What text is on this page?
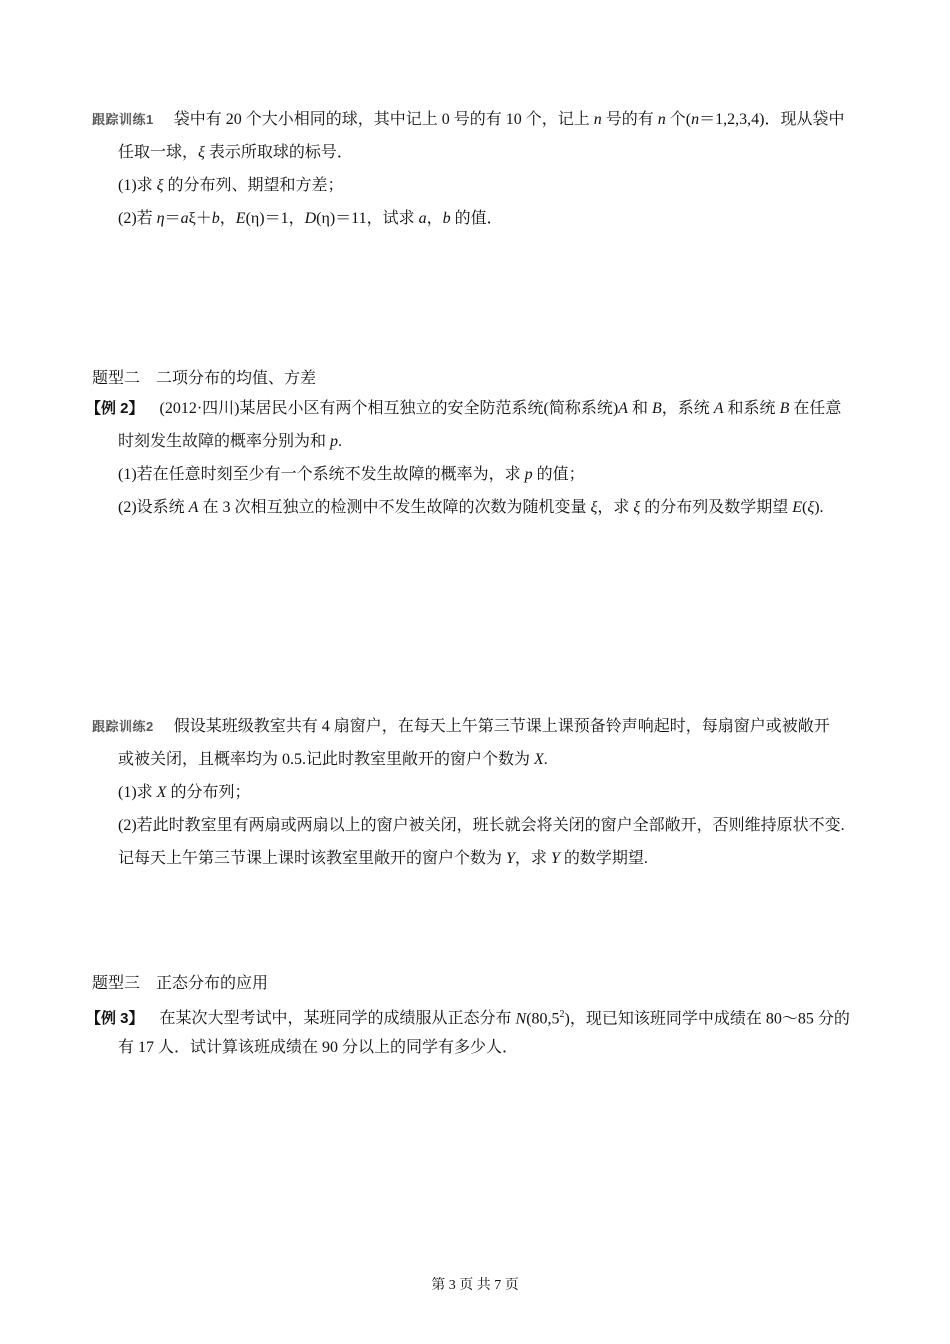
跟踪训练1 袋中有 20 个大小相同的球，其中记上 0 号的有 10 个，记上 n 号的有 n 个(n＝1,2,3,4)．现从袋中
任取一球，ξ 表示所取球的标号．
(1)求 ξ 的分布列、期望和方差；
(2)若 η＝aξ＋b，E(η)＝1，D(η)＝11，试求 a，b 的值．
题型二　二项分布的均值、方差
【例 2】 (2012·四川)某居民小区有两个相互独立的安全防范系统(简称系统)A 和 B，系统 A 和系统 B 在任意
时刻发生故障的概率分别为和 p.
(1)若在任意时刻至少有一个系统不发生故障的概率为，求 p 的值；
(2)设系统 A 在 3 次相互独立的检测中不发生故障的次数为随机变量 ξ，求 ξ 的分布列及数学期望 E(ξ).
跟踪训练2 假设某班级教室共有 4 扇窗户，在每天上午第三节课上课预备铃声响起时，每扇窗户或被敞开
或被关闭，且概率均为 0.5.记此时教室里敞开的窗户个数为 X.
(1)求 X 的分布列；
(2)若此时教室里有两扇或两扇以上的窗户被关闭，班长就会将关闭的窗户全部敞开，否则维持原状不变.
记每天上午第三节课上课时该教室里敞开的窗户个数为 Y，求 Y 的数学期望.
题型三　正态分布的应用
【例 3】 在某次大型考试中，某班同学的成绩服从正态分布 N(80,5$^2$)，现已知该班同学中成绩在 80～85 分的
有 17 人．试计算该班成绩在 90 分以上的同学有多少人．
第 3 页 共 7 页
